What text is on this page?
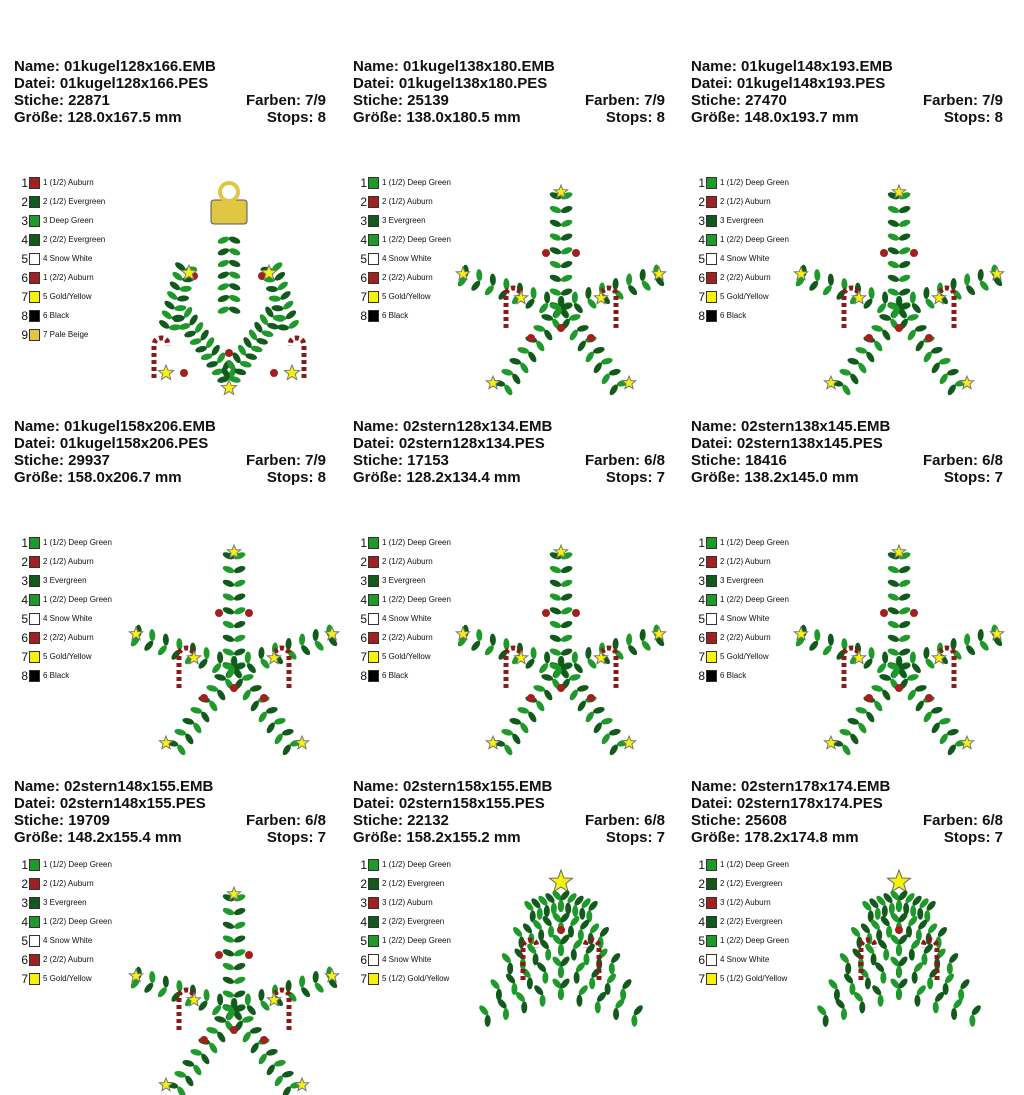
Name: 01kugel128x166.EMB
Datei: 01kugel128x166.PES
Stiche: 22871	Farben: 7/9
Größe: 128.0x167.5 mm	Stops: 8
Name: 01kugel138x180.EMB
Datei: 01kugel138x180.PES
Stiche: 25139	Farben: 7/9
Größe: 138.0x180.5 mm	Stops: 8
Name: 01kugel148x193.EMB
Datei: 01kugel148x193.PES
Stiche: 27470	Farben: 7/9
Größe: 148.0x193.7 mm	Stops: 8
1 1 (1/2) Auburn
2 2 (1/2) Evergreen
3 3 Deep Green
4 2 (2/2) Evergreen
5 4 Snow White
6 1 (2/2) Auburn
7 5 Gold/Yellow
8 6 Black
9 7 Pale Beige
Name: 01kugel158x206.EMB
Datei: 01kugel158x206.PES
Stiche: 29937	Farben: 7/9
Größe: 158.0x206.7 mm	Stops: 8
1 1 (1/2) Deep Green
2 2 (1/2) Auburn
3 3 Evergreen
4 1 (2/2) Deep Green
5 4 Snow White
6 2 (2/2) Auburn
7 5 Gold/Yellow
8 6 Black
Name: 02stern128x134.EMB
Datei: 02stern128x134.PES
Stiche: 17153	Farben: 6/8
Größe: 128.2x134.4 mm	Stops: 7
1 1 (1/2) Deep Green
2 2 (1/2) Auburn
3 3 Evergreen
4 1 (2/2) Deep Green
5 4 Snow White
6 2 (2/2) Auburn
7 5 Gold/Yellow
8 6 Black
Name: 02stern138x145.EMB
Datei: 02stern138x145.PES
Stiche: 18416	Farben: 6/8
Größe: 138.2x145.0 mm	Stops: 7
1 1 (1/2) Deep Green
2 2 (1/2) Auburn
3 3 Evergreen
4 1 (2/2) Deep Green
5 4 Snow White
6 2 (2/2) Auburn
7 5 Gold/Yellow
8 6 Black
Name: 02stern148x155.EMB
Datei: 02stern148x155.PES
Stiche: 19709	Farben: 6/8
Größe: 148.2x155.4 mm	Stops: 7
1 1 (1/2) Deep Green
2 2 (1/2) Auburn
3 3 Evergreen
4 1 (2/2) Deep Green
5 4 Snow White
6 2 (2/2) Auburn
7 5 Gold/Yellow
8 6 Black
Name: 02stern158x155.EMB
Datei: 02stern158x155.PES
Stiche: 22132	Farben: 6/8
Größe: 158.2x155.2 mm	Stops: 7
1 1 (1/2) Deep Green
2 2 (1/2) Auburn
3 3 Evergreen
4 1 (2/2) Deep Green
5 4 Snow White
6 2 (2/2) Auburn
7 5 Gold/Yellow
8 6 Black
Name: 02stern178x174.EMB
Datei: 02stern178x174.PES
Stiche: 25608	Farben: 6/8
Größe: 178.2x174.8 mm	Stops: 7
1 1 (1/2) Deep Green
2 2 (1/2) Auburn
3 3 Evergreen
4 1 (2/2) Deep Green
5 4 Snow White
6 2 (2/2) Auburn
7 5 Gold/Yellow
1 1 (1/2) Deep Green
2 2 (1/2) Evergreen
3 3 (1/2) Auburn
4 2 (2/2) Evergreen
5 1 (2/2) Deep Green
6 4 Snow White
7 5 (1/2) Gold/Yellow
1 1 (1/2) Deep Green
2 2 (1/2) Evergreen
3 3 (1/2) Auburn
4 2 (2/2) Evergreen
5 1 (2/2) Deep Green
6 4 Snow White
7 5 (1/2) Gold/Yellow
